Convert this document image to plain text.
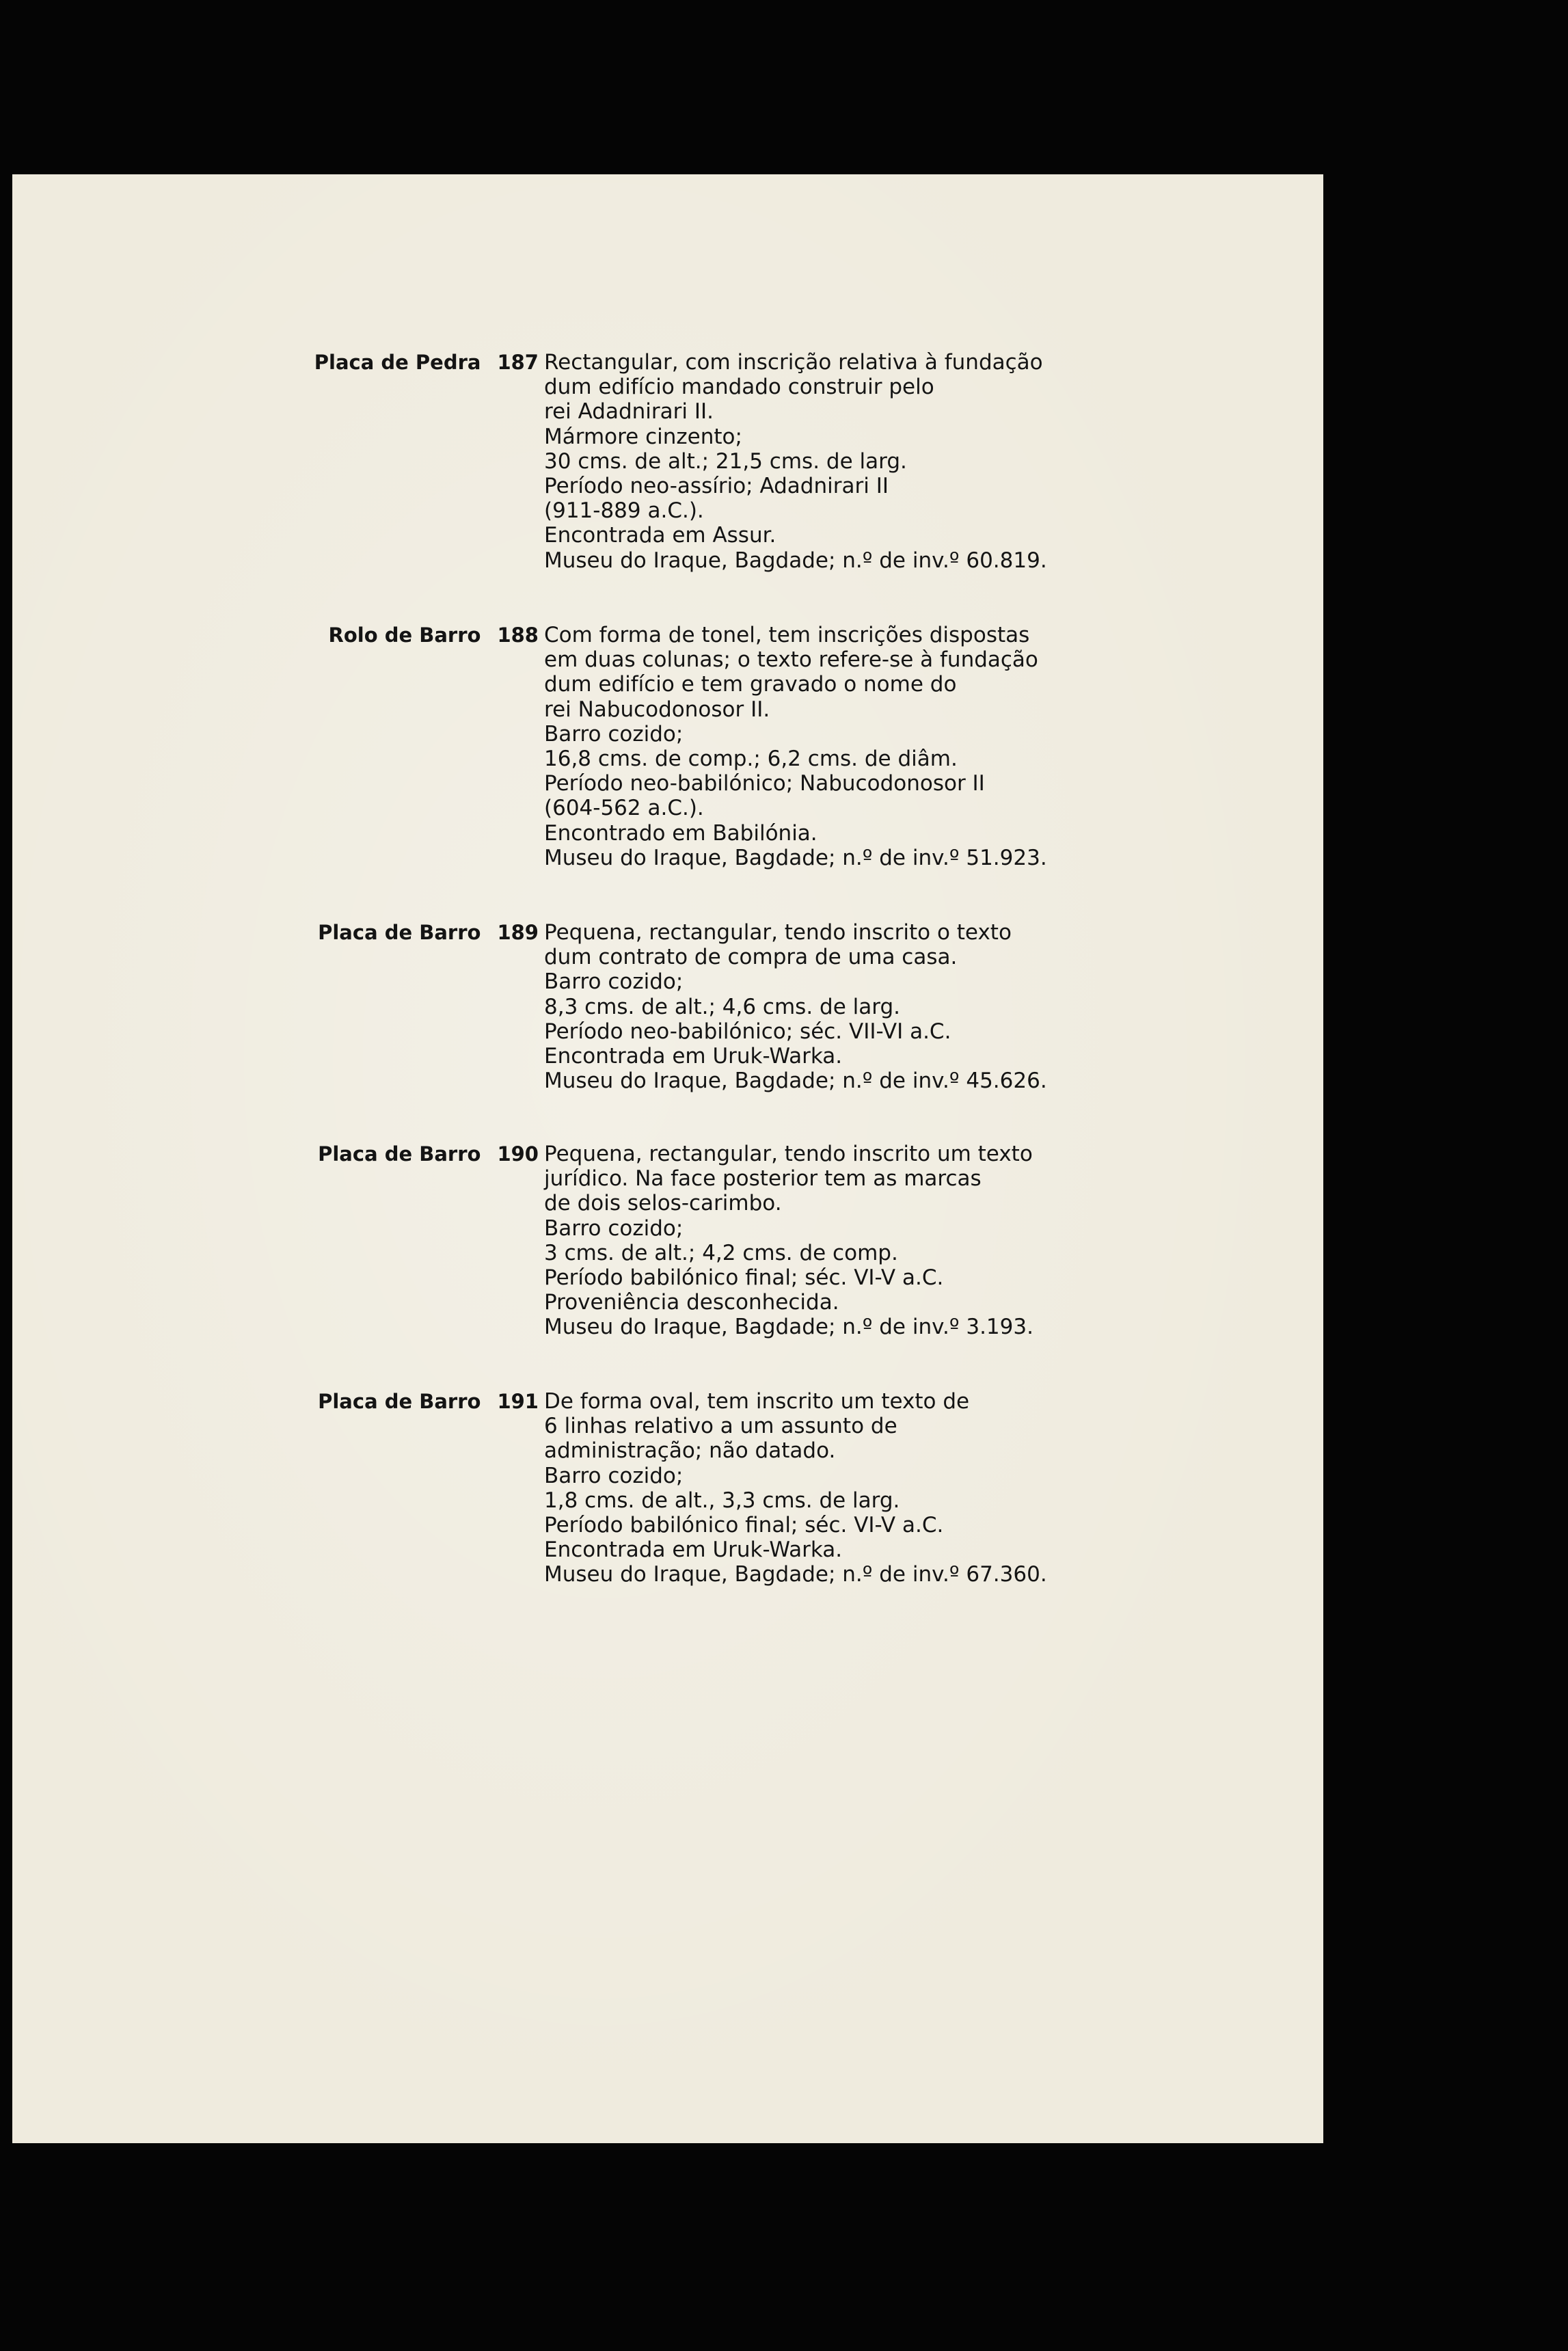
Placa de Pedra 187 Rectangular, com inscrição relativa à fundação
dum edifício mandado construir pelo
rei Adadnirari II.
Mármore cinzento;
30 cms. de alt.; 21,5 cms. de larg.
Período neo-assírio; Adadnirari II
(911-889 a.C.).
Encontrada em Assur.
Museu do Iraque, Bagdade; n.º de inv.º 60.819.
Rolo de Barro 188 Com forma de tonel, tem inscrições dispostas
em duas colunas; o texto refere-se à fundação
dum edifício e tem gravado o nome do
rei Nabucodonosor II.
Barro cozido;
16,8 cms. de comp.; 6,2 cms. de diâm.
Período neo-babilónico; Nabucodonosor II
(604-562 a.C.).
Encontrado em Babilónia.
Museu do Iraque, Bagdade; n.º de inv.º 51.923.
Placa de Barro 189 Pequena, rectangular, tendo inscrito o texto
dum contrato de compra de uma casa.
Barro cozido;
8,3 cms. de alt.; 4,6 cms. de larg.
Período neo-babilónico; séc. VII-VI a.C.
Encontrada em Uruk-Warka.
Museu do Iraque, Bagdade; n.º de inv.º 45.626.
Placa de Barro 190 Pequena, rectangular, tendo inscrito um texto
jurídico. Na face posterior tem as marcas
de dois selos-carimbo.
Barro cozido;
3 cms. de alt.; 4,2 cms. de comp.
Período babilónico final; séc. VI-V a.C.
Proveniência desconhecida.
Museu do Iraque, Bagdade; n.º de inv.º 3.193.
Placa de Barro 191 De forma oval, tem inscrito um texto de
6 linhas relativo a um assunto de
administração; não datado.
Barro cozido;
1,8 cms. de alt., 3,3 cms. de larg.
Período babilónico final; séc. VI-V a.C.
Encontrada em Uruk-Warka.
Museu do Iraque, Bagdade; n.º de inv.º 67.360.
